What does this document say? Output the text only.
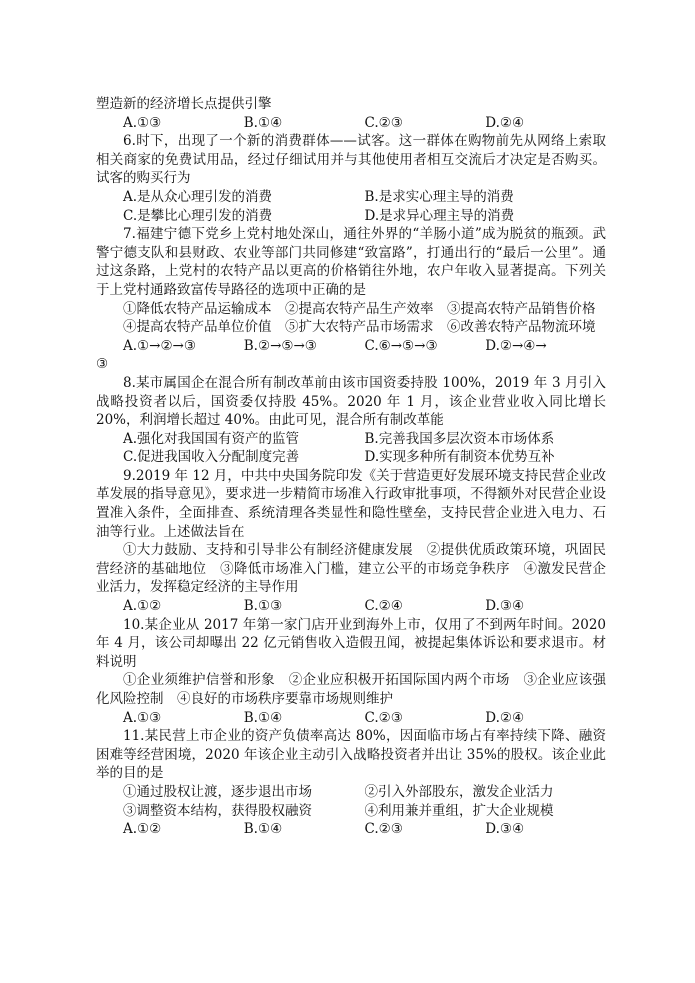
塑造新的经济增长点提供引擎

A.①③	B.①④	C.②③	D.②④

6.时下，出现了一个新的消费群体——试客。这一群体在购物前先从网络上索取相关商家的免费试用品，经过仔细试用并与其他使用者相互交流后才决定是否购买。试客的购买行为

A.是从众心理引发的消费	B.是求实心理主导的消费
C.是攀比心理引发的消费	D.是求异心理主导的消费

7.福建宁德下党乡上党村地处深山，通往外界的“羊肠小道”成为脱贫的瓶颈。武警宁德支队和县财政、农业等部门共同修建“致富路”，打通出行的“最后一公里”。通过这条路，上党村的农特产品以更高的价格销往外地，农户年收入显著提高。下列关于上党村通路致富传导路径的选项中正确的是

①降低农特产品运输成本　②提高农特产品生产效率　③提高农特产品销售价格

④提高农特产品单位价值　⑤扩大农特产品市场需求　⑥改善农特产品物流环境

A.①→②→③	B.②→⑤→③	C.⑥→⑤→③	D.②→④→

③

8.某市属国企在混合所有制改革前由该市国资委持股 100%，2019 年 3 月引入战略投资者以后，国资委仅持股 45%。2020 年 1 月，该企业营业收入同比增长 20%，利润增长超过 40%。由此可见，混合所有制改革能

A.强化对我国国有资产的监管	B.完善我国多层次资本市场体系
C.促进我国收入分配制度完善	D.实现多种所有制资本优势互补

9.2019 年 12 月，中共中央国务院印发《关于营造更好发展环境支持民营企业改革发展的指导意见》，要求进一步精简市场准入行政审批事项，不得额外对民营企业设置准入条件，全面排查、系统清理各类显性和隐性壁垒，支持民营企业进入电力、石油等行业。上述做法旨在

①大力鼓励、支持和引导非公有制经济健康发展　②提供优质政策环境，巩固民营经济的基础地位　③降低市场准入门槛，建立公平的市场竞争秩序　④激发民营企业活力，发挥稳定经济的主导作用

A.①②	B.①③	C.②④	D.③④

10.某企业从 2017 年第一家门店开业到海外上市，仅用了不到两年时间。2020 年 4 月，该公司却曝出 22 亿元销售收入造假丑闻，被提起集体诉讼和要求退市。材料说明

①企业须维护信誉和形象　②企业应积极开拓国际国内两个市场　③企业应该强化风险控制　④良好的市场秩序要靠市场规则维护

A.①③	B.①④	C.②③	D.②④

11.某民营上市企业的资产负债率高达 80%，因面临市场占有率持续下降、融资困难等经营困境，2020 年该企业主动引入战略投资者并出让 35%的股权。该企业此举的目的是

①通过股权让渡，逐步退出市场	②引入外部股东，激发企业活力
③调整资本结构，获得股权融资	④利用兼并重组，扩大企业规模
A.①②	B.①④	C.②③	D.③④
